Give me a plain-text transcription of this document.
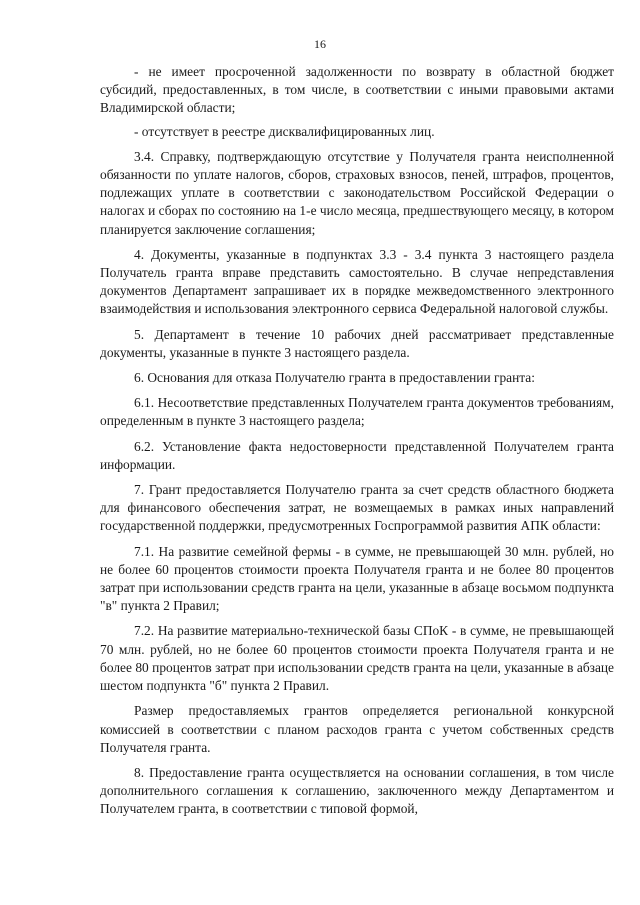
16

- не имеет просроченной задолженности по возврату в областной бюджет субсидий, предоставленных, в том числе, в соответствии с иными правовыми актами Владимирской области;

- отсутствует в реестре дисквалифицированных лиц.

3.4. Справку, подтверждающую отсутствие у Получателя гранта неисполненной обязанности по уплате налогов, сборов, страховых взносов, пеней, штрафов, процентов, подлежащих уплате в соответствии с законодательством Российской Федерации о налогах и сборах по состоянию на 1-е число месяца, предшествующего месяцу, в котором планируется заключение соглашения;

4. Документы, указанные в подпунктах 3.3 - 3.4 пункта 3 настоящего раздела Получатель гранта вправе представить самостоятельно. В случае непредставления документов Департамент запрашивает их в порядке межведомственного электронного взаимодействия и использования электронного сервиса Федеральной налоговой службы.

5. Департамент в течение 10 рабочих дней рассматривает представленные документы, указанные в пункте 3 настоящего раздела.

6. Основания для отказа Получателю гранта в предоставлении гранта:

6.1. Несоответствие представленных Получателем гранта документов требованиям, определенным в пункте 3 настоящего раздела;

6.2. Установление факта недостоверности представленной Получателем гранта информации.

7. Грант предоставляется Получателю гранта за счет средств областного бюджета для финансового обеспечения затрат, не возмещаемых в рамках иных направлений государственной поддержки, предусмотренных Госпрограммой развития АПК области:

7.1. На развитие семейной фермы - в сумме, не превышающей 30 млн. рублей, но не более 60 процентов стоимости проекта Получателя гранта и не более 80 процентов затрат при использовании средств гранта на цели, указанные в абзаце восьмом подпункта "в" пункта 2 Правил;

7.2. На развитие материально-технической базы СПоК - в сумме, не превышающей 70 млн. рублей, но не более 60 процентов стоимости проекта Получателя гранта и не более 80 процентов затрат при использовании средств гранта на цели, указанные в абзаце шестом подпункта "б" пункта 2 Правил.

Размер предоставляемых грантов определяется региональной конкурсной комиссией в соответствии с планом расходов гранта с учетом собственных средств Получателя гранта.

8. Предоставление гранта осуществляется на основании соглашения, в том числе дополнительного соглашения к соглашению, заключенного между Департаментом и Получателем гранта, в соответствии с типовой формой,
